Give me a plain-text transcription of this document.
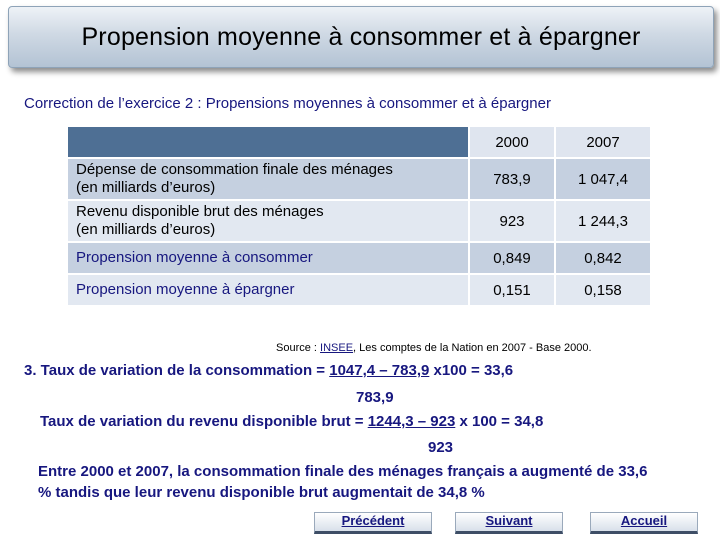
Propension moyenne à consommer et à épargner
Correction de l’exercice 2 : Propensions moyennes à consommer et à épargner
	2000	2007

Dépense de consommation finale des ménages
(en milliards d’euros)	783,9	1 047,4

Revenu disponible brut des ménages
(en milliards d’euros)	923	1 244,3
Propension moyenne à consommer	0,849	0,842
Propension moyenne à épargner	0,151	0,158
Source : INSEE, Les comptes de la Nation en 2007 - Base 2000.
3. Taux de variation de la consommation = 1047,4 – 783,9 x100 = 33,6
783,9
Taux de variation du revenu disponible brut = 1244,3 – 923 x 100 = 34,8
923
Entre 2000 et 2007, la consommation finale des ménages français a augmenté de 33,6
% tandis que leur revenu disponible brut augmentait de 34,8 %
Précédent	Suivant	Accueil
